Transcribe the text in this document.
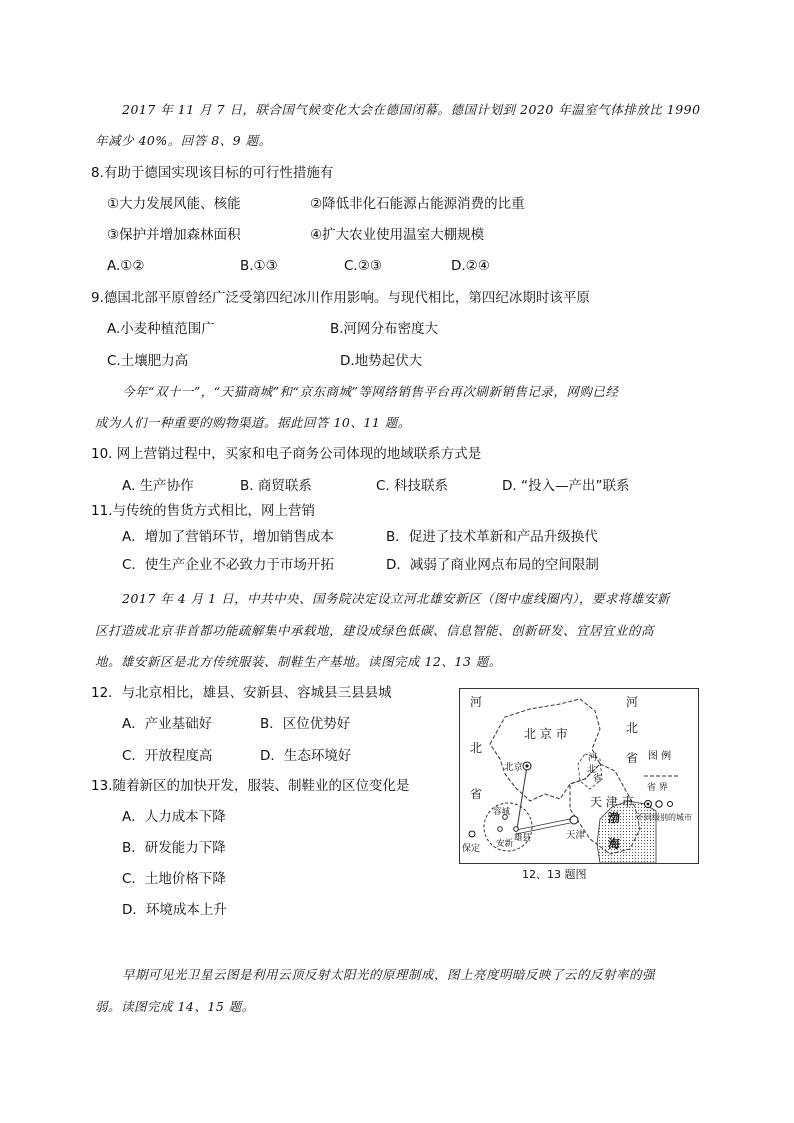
2017 年 11 月 7 日，联合国气候变化大会在德国闭幕。德国计划到 2020 年温室气体排放比 1990
年减少 40%。回答 8、9 题。
8.有助于德国实现该目标的可行性措施有
①大力发展风能、核能	②降低非化石能源占能源消费的比重
③保护并增加森林面积	④扩大农业使用温室大棚规模
A.①②	B.①③	C.②③	D.②④
9.德国北部平原曾经广泛受第四纪冰川作用影响。与现代相比，第四纪冰期时该平原
A.小麦种植范围广	B.河网分布密度大
C.土壤肥力高	D.地势起伏大
今年“双十一”，“天猫商城”和“京东商城”等网络销售平台再次刷新销售记录，网购已经
成为人们一种重要的购物渠道。据此回答 10、11 题。
10. 网上营销过程中，买家和电子商务公司体现的地域联系方式是
A. 生产协作	B. 商贸联系	C. 科技联系	D. “投入—产出”联系
11.与传统的售货方式相比，网上营销
A．增加了营销环节，增加销售成本	B．促进了技术革新和产品升级换代
C．使生产企业不必致力于市场开拓	D．减弱了商业网点布局的空间限制
2017 年 4 月 1 日，中共中央、国务院决定设立河北雄安新区（图中虚线圈内），要求将雄安新
区打造成北京非首都功能疏解集中承载地，建设成绿色低碳、信息智能、创新研发、宜居宜业的高
地。雄安新区是北方传统服装、制鞋生产基地。读图完成 12、13 题。
12．与北京相比，雄县、安新县、容城县三县县城
A．产业基础好	B．区位优势好
C．开放程度高	D．生态环境好
13.随着新区的加快开发，服装、制鞋业的区位变化是
A．人力成本下降
B．研发能力下降
C．土地价格下降
D．环境成本上升
河
北
省
河
北
省
北 京 市
北京
河
北
省
天 津 市
天津
容城
雄县
安新
保定
渤
海
图 例
省 界
不同级别的城市
12、13 题图
早期可见光卫星云图是利用云顶反射太阳光的原理制成，图上亮度明暗反映了云的反射率的强
弱。读图完成 14、15 题。
